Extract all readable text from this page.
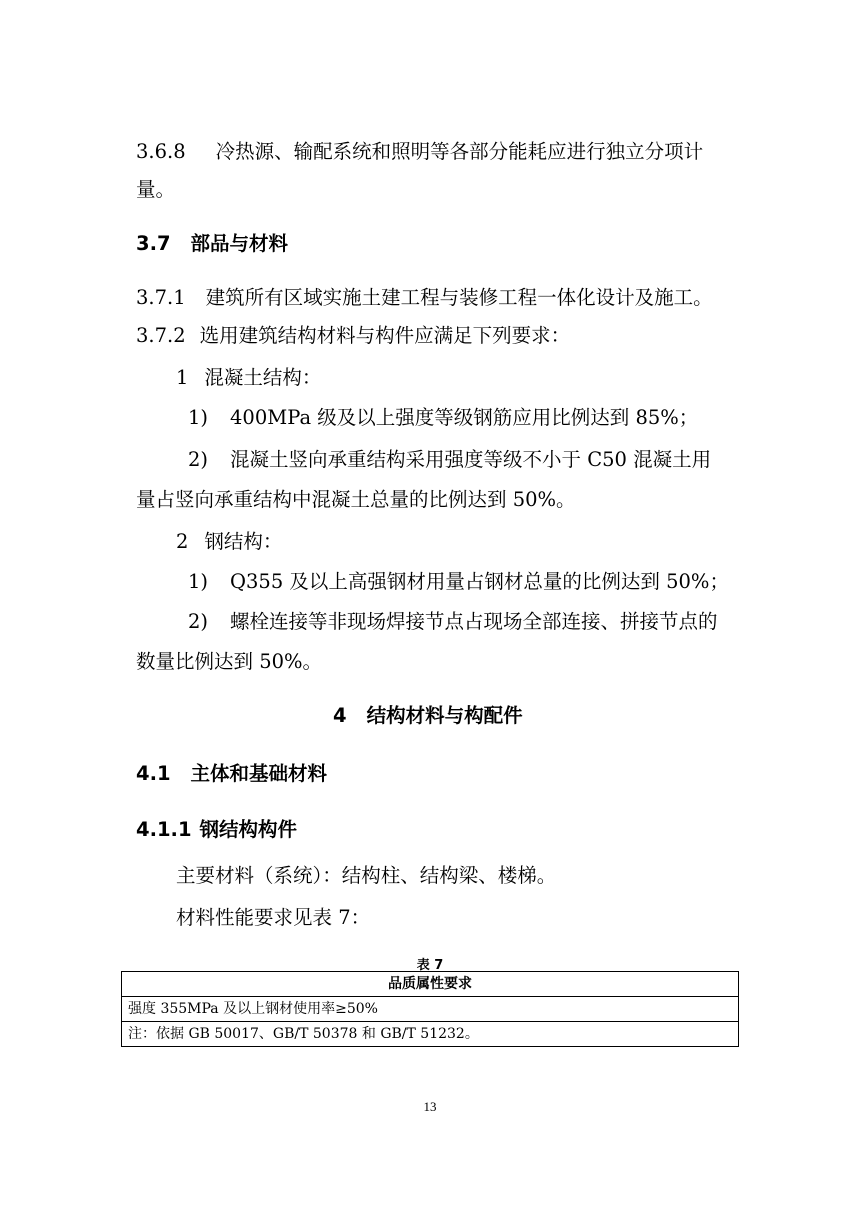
3.6.8 冷热源、输配系统和照明等各部分能耗应进行独立分项计
量。
3.7 部品与材料
3.7.1 建筑所有区域实施土建工程与装修工程一体化设计及施工。
3.7.2 选用建筑结构材料与构件应满足下列要求：
1 混凝土结构：
1) 400MPa 级及以上强度等级钢筋应用比例达到 85%；
2) 混凝土竖向承重结构采用强度等级不小于 C50 混凝土用
量占竖向承重结构中混凝土总量的比例达到 50%。
2 钢结构：
1) Q355 及以上高强钢材用量占钢材总量的比例达到 50%；
2) 螺栓连接等非现场焊接节点占现场全部连接、拼接节点的
数量比例达到 50%。
4 结构材料与构配件
4.1 主体和基础材料
4.1.1 钢结构构件
主要材料（系统）：结构柱、结构梁、楼梯。
材料性能要求见表 7：
表 7
品质属性要求
强度 355MPa 及以上钢材使用率≥50%
注：依据 GB 50017、GB/T 50378 和 GB/T 51232。
13
